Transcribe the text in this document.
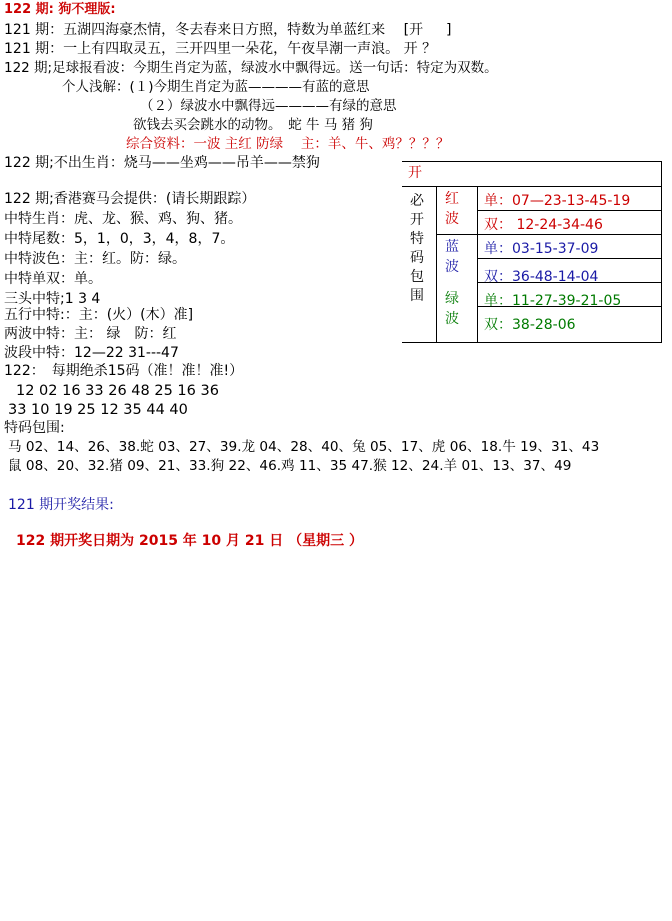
122 期: 狗不理版:
121 期：五湖四海豪杰情，冬去春来日方照，特数为单蓝红来 　[开 　 ]
121 期：一上有四取灵五，三开四里一朵花，午夜旱潮一声浪。 开 ？
122 期;足球报看波：今期生肖定为蓝，绿波水中飘得远。送一句话：特定为双数。
个人浅解：(１)今期生肖定为蓝————有蓝的意思
（２）绿波水中飘得远————有绿的意思
欲钱去买会跳水的动物。　蛇 牛 马 猪 狗
综合资料：一波 主红 防绿 　主：羊、牛、鸡？？？？
122 期;不出生肖：烧马——坐鸡——吊羊——禁狗
122 期;香港赛马会提供：(请长期跟踪）
中特生肖：虎、龙、猴、鸡、狗、猪。
中特尾数：5，1，0，3，4，8，7。
中特波色：主：红。防：绿。
中特单双：单。
三头中特;1 3 4
五行中特:：主：(火）(木）准]
两波中特：主： 绿　防：红
波段中特：12—22 31---47
122：　每期绝杀15码（准！准！准!）
12 02 16 33 26 48 25 16 36
33 10 19 25 12 35 44 40
特码包围:
马 02、14、26、38.蛇 03、27、39.龙 04、28、40、兔 05、17、虎 06、18.牛 19、31、43
鼠 08、20、32.猪 09、21、33.狗 22、46.鸡 11、35 47.猴 12、24.羊 01、13、37、49
121 期开奖结果:
122 期开奖日期为 2015 年 10 月 21 日 （星期三 ）
开
必
开
特
码
包
围
红
波
蓝
波
绿
波
单：07—23-13-45-19
双： 12-24-34-46
单：03-15-37-09
双：36-48-14-04
单：11-27-39-21-05
双：38-28-06
